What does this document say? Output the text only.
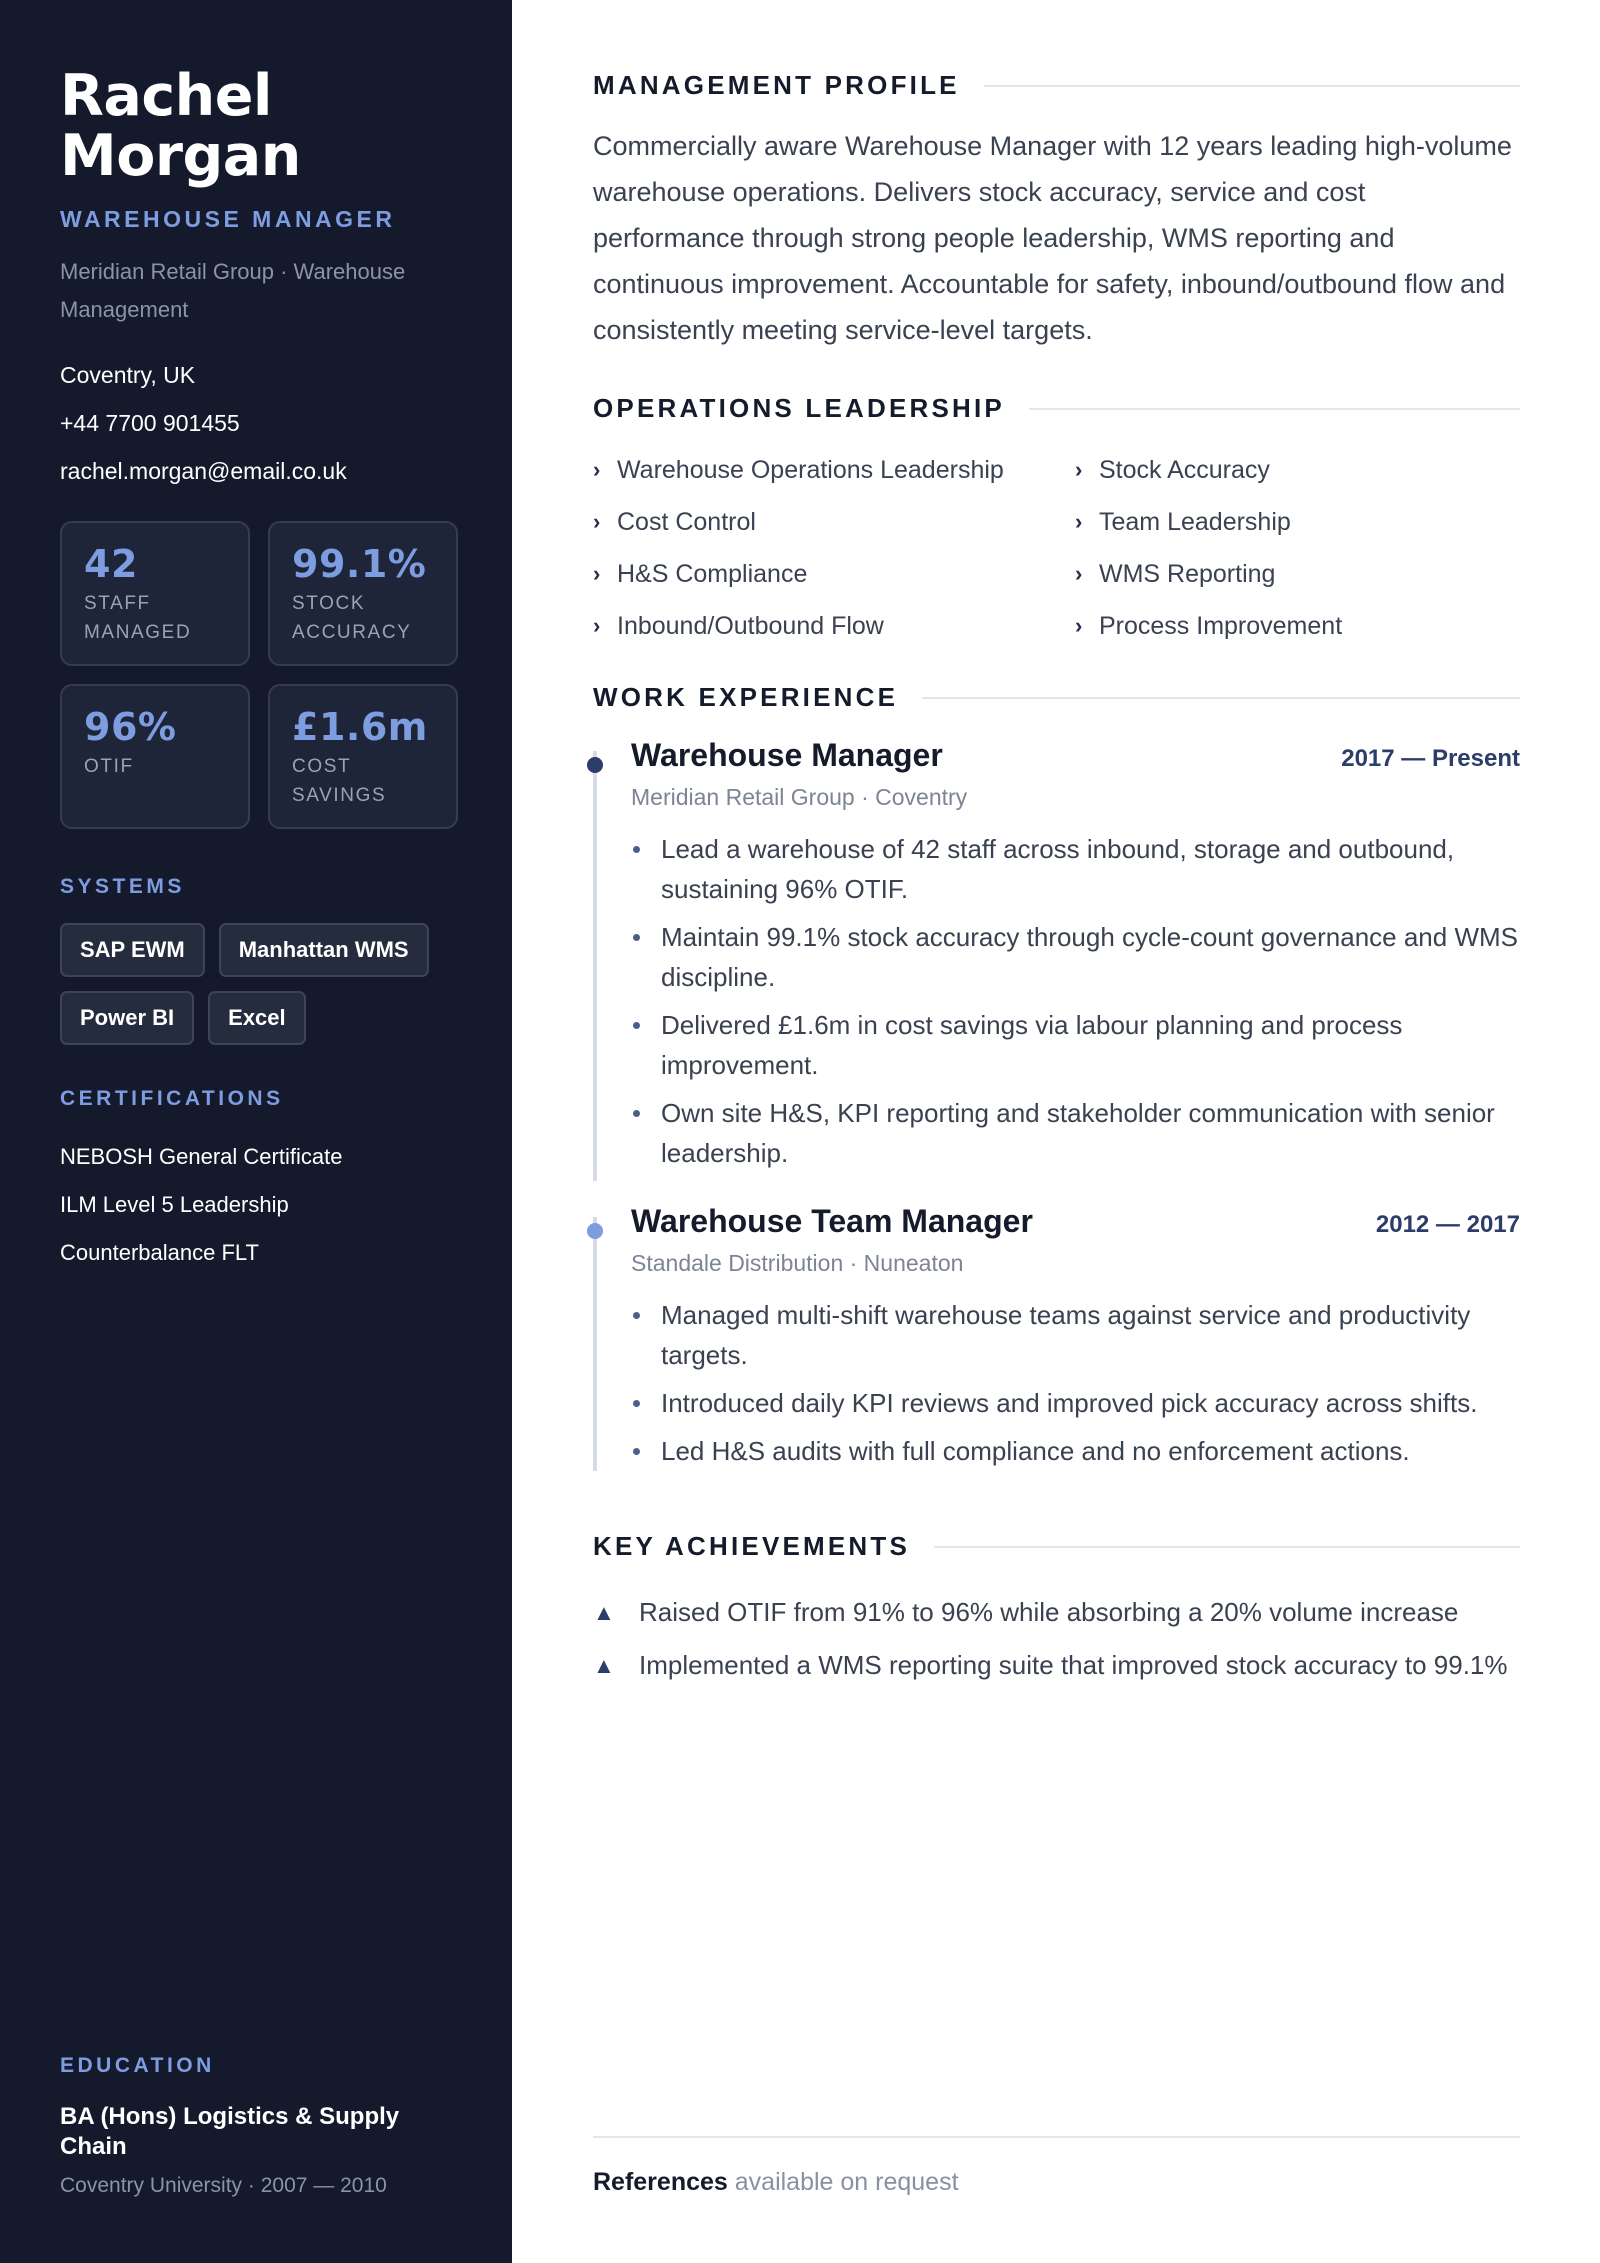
Rachel
Morgan
WAREHOUSE MANAGER
Meridian Retail Group · Warehouse Management
Coventry, UK
+44 7700 901455
rachel.morgan@email.co.uk
42
STAFF
MANAGED
99.1%
STOCK
ACCURACY
96%
OTIF
£1.6m
COST
SAVINGS
SYSTEMS
SAP EWM	Manhattan WMS
Power BI	Excel
CERTIFICATIONS
NEBOSH General Certificate
ILM Level 5 Leadership
Counterbalance FLT
EDUCATION
BA (Hons) Logistics & Supply Chain
Coventry University · 2007 — 2010
MANAGEMENT PROFILE

Commercially aware Warehouse Manager with 12 years leading high-volume warehouse operations. Delivers stock accuracy, service and cost performance through strong people leadership, WMS reporting and continuous improvement. Accountable for safety, inbound/outbound flow and consistently meeting service-level targets.

OPERATIONS LEADERSHIP
› Warehouse Operations Leadership	› Stock Accuracy
› Cost Control	› Team Leadership
› H&S Compliance	› WMS Reporting
› Inbound/Outbound Flow	› Process Improvement
WORK EXPERIENCE
Warehouse Manager	2017 — Present
Meridian Retail Group · Coventry
Lead a warehouse of 42 staff across inbound, storage and outbound, sustaining 96% OTIF.
Maintain 99.1% stock accuracy through cycle-count governance and WMS discipline.
Delivered £1.6m in cost savings via labour planning and process improvement.
Own site H&S, KPI reporting and stakeholder communication with senior leadership.
Warehouse Team Manager	2012 — 2017
Standale Distribution · Nuneaton
Managed multi-shift warehouse teams against service and productivity targets.
Introduced daily KPI reviews and improved pick accuracy across shifts.
Led H&S audits with full compliance and no enforcement actions.
KEY ACHIEVEMENTS
▲ Raised OTIF from 91% to 96% while absorbing a 20% volume increase
▲ Implemented a WMS reporting suite that improved stock accuracy to 99.1%
References available on request
